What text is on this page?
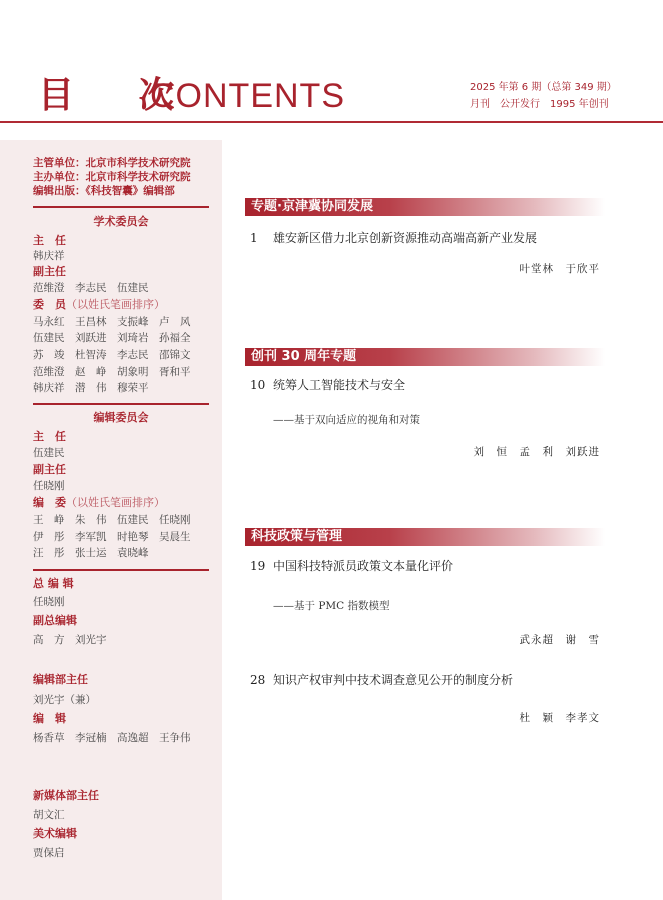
目 次
CONTENTS	2025 年第 6 期（总第 349 期）
月刊　公开发行　1995 年创刊
主管单位：北京市科学技术研究院
主办单位：北京市科学技术研究院
编辑出版：《科技智囊》编辑部
学术委员会
主　任
韩庆祥
副主任
范维澄 李志民 伍建民
委　员（以姓氏笔画排序）
马永红 王昌林 支振峰 卢　风
伍建民 刘跃进 刘琦岩 孙福全
苏　竣 杜智涛 李志民 邵锦文
范维澄 赵　峥 胡象明 胥和平
韩庆祥 潜　伟 穆荣平
编辑委员会
主　任
伍建民
副主任
任晓刚
编　委（以姓氏笔画排序）
王　峥 朱　伟 伍建民 任晓刚
伊　彤 李军凯 时艳琴 吴晨生
汪　彤 张士运 袁晓峰
总 编 辑
任晓刚
副总编辑
高　方 刘光宇
编辑部主任
刘光宇（兼）
编　辑
杨香草 李冠楠 高逸超 王争伟
新媒体部主任
胡文汇
美术编辑
贾保启
专题·京津冀协同发展
1 雄安新区借力北京创新资源推动高端高新产业发展
叶堂林　于欣平
创刊 30 周年专题
10 统筹人工智能技术与安全
——基于双向适应的视角和对策
刘　恒　孟　利　刘跃进
科技政策与管理
19 中国科技特派员政策文本量化评价
——基于 PMC 指数模型
武永超　谢　雪
28 知识产权审判中技术调查意见公开的制度分析
杜　颖　李孝文
